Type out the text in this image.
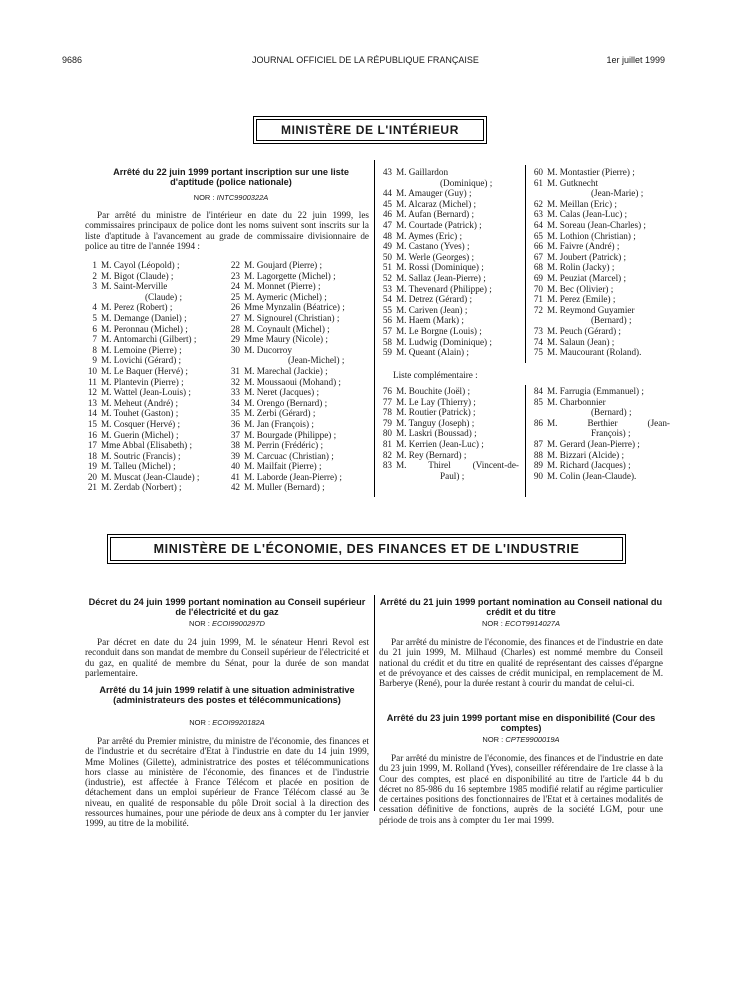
9686	JOURNAL OFFICIEL DE LA RÉPUBLIQUE FRANÇAISE	1er juillet 1999
MINISTÈRE DE L'INTÉRIEUR
Arrêté du 22 juin 1999 portant inscription sur une liste d'aptitude (police nationale)
NOR : INTC9900322A

Par arrêté du ministre de l'intérieur en date du 22 juin 1999, les commissaires principaux de police dont les noms suivent sont inscrits sur la liste d'aptitude à l'avancement au grade de commissaire divisionnaire de police au titre de l'année 1994 :

1 M. Cayol (Léopold) ;
2 M. Bigot (Claude) ;
3 M. Saint-Merville
(Claude) ;
4 M. Perez (Robert) ;
5 M. Demange (Daniel) ;
6 M. Peronnau (Michel) ;
7 M. Antomarchi (Gilbert) ;
8 M. Lemoine (Pierre) ;
9 M. Lovichi (Gérard) ;
10 M. Le Baquer (Hervé) ;
11 M. Plantevin (Pierre) ;
12 M. Wattel (Jean-Louis) ;
13 M. Meheut (André) ;
14 M. Touhet (Gaston) ;
15 M. Cosquer (Hervé) ;
16 M. Guerin (Michel) ;
17 Mme Abbal (Elisabeth) ;
18 M. Soutric (Francis) ;
19 M. Talleu (Michel) ;
20 M. Muscat (Jean-Claude) ;
21 M. Zerdab (Norbert) ;
22 M. Goujard (Pierre) ;
23 M. Lagorgette (Michel) ;
24 M. Monnet (Pierre) ;
25 M. Aymeric (Michel) ;
26 Mme Mynzalin (Béatrice) ;
27 M. Signourel (Christian) ;
28 M. Coynault (Michel) ;
29 Mme Maury (Nicole) ;
30 M. Ducorroy
(Jean-Michel) ;
31 M. Marechal (Jackie) ;
32 M. Moussaoui (Mohand) ;
33 M. Neret (Jacques) ;
34 M. Orengo (Bernard) ;
35 M. Zerbi (Gérard) ;
36 M. Jan (François) ;
37 M. Bourgade (Philippe) ;
38 M. Perrin (Frédéric) ;
39 M. Carcuac (Christian) ;
40 M. Mailfait (Pierre) ;
41 M. Laborde (Jean-Pierre) ;
42 M. Muller (Bernard) ;
43 M. Gaillardon
(Dominique) ;
44 M. Amauger (Guy) ;
45 M. Alcaraz (Michel) ;
46 M. Aufan (Bernard) ;
47 M. Courtade (Patrick) ;
48 M. Aymes (Eric) ;
49 M. Castano (Yves) ;
50 M. Werle (Georges) ;
51 M. Rossi (Dominique) ;
52 M. Sallaz (Jean-Pierre) ;
53 M. Thevenard (Philippe) ;
54 M. Detrez (Gérard) ;
55 M. Cariven (Jean) ;
56 M. Haem (Mark) ;
57 M. Le Borgne (Louis) ;
58 M. Ludwig (Dominique) ;
59 M. Queant (Alain) ;
60 M. Montastier (Pierre) ;
61 M. Gutknecht
(Jean-Marie) ;
62 M. Meillan (Eric) ;
63 M. Calas (Jean-Luc) ;
64 M. Soreau (Jean-Charles) ;
65 M. Lothion (Christian) ;
66 M. Faivre (André) ;
67 M. Joubert (Patrick) ;
68 M. Rolin (Jacky) ;
69 M. Peuziat (Marcel) ;
70 M. Bec (Olivier) ;
71 M. Perez (Emile) ;
72 M. Reymond Guyamier
(Bernard) ;
73 M. Peuch (Gérard) ;
74 M. Salaun (Jean) ;
75 M. Maucourant (Roland).
Liste complémentaire :
76 M. Bouchite (Joël) ;
77 M. Le Lay (Thierry) ;
78 M. Routier (Patrick) ;
79 M. Tanguy (Joseph) ;
80 M. Laskri (Boussad) ;
81 M. Kerrien (Jean-Luc) ;
82 M. Rey (Bernard) ;
83 M. Thirel (Vincent-de-
Paul) ;
84 M. Farrugia (Emmanuel) ;
85 M. Charbonnier
(Bernard) ;
86 M. Berthier (Jean-
François) ;
87 M. Gerard (Jean-Pierre) ;
88 M. Bizzari (Alcide) ;
89 M. Richard (Jacques) ;
90 M. Colin (Jean-Claude).
MINISTÈRE DE L'ÉCONOMIE, DES FINANCES ET DE L'INDUSTRIE
Décret du 24 juin 1999 portant nomination au Conseil supérieur de l'électricité et du gaz
NOR : ECOI9900297D

Par décret en date du 24 juin 1999, M. le sénateur Henri Revol est reconduit dans son mandat de membre du Conseil supérieur de l'électricité et du gaz, en qualité de membre du Sénat, pour la durée de son mandat parlementaire.

Arrêté du 14 juin 1999 relatif à une situation administrative (administrateurs des postes et télécommunications)
NOR : ECOI9920182A

Par arrêté du Premier ministre, du ministre de l'économie, des finances et de l'industrie et du secrétaire d'Etat à l'industrie en date du 14 juin 1999, Mme Molines (Gilette), administratrice des postes et télécommunications hors classe au ministère de l'économie, des finances et de l'industrie (industrie), est affectée à France Télécom et placée en position de détachement dans un emploi supérieur de France Télécom classé au 3e niveau, en qualité de responsable du pôle Droit social à la direction des ressources humaines, pour une période de deux ans à compter du 1er janvier 1999, au titre de la mobilité.

Arrêté du 21 juin 1999 portant nomination au Conseil national du crédit et du titre
NOR : ECOT9914027A

Par arrêté du ministre de l'économie, des finances et de l'industrie en date du 21 juin 1999, M. Milhaud (Charles) est nommé membre du Conseil national du crédit et du titre en qualité de représentant des caisses d'épargne et de prévoyance et des caisses de crédit municipal, en remplacement de M. Barberye (René), pour la durée restant à courir du mandat de celui-ci.

Arrêté du 23 juin 1999 portant mise en disponibilité (Cour des comptes)
NOR : CPTE9900019A

Par arrêté du ministre de l'économie, des finances et de l'industrie en date du 23 juin 1999, M. Rolland (Yves), conseiller référendaire de 1re classe à la Cour des comptes, est placé en disponibilité au titre de l'article 44 b du décret no 85-986 du 16 septembre 1985 modifié relatif au régime particulier de certaines positions des fonctionnaires de l'Etat et à certaines modalités de cessation définitive de fonctions, auprès de la société LGM, pour une période de trois ans à compter du 1er mai 1999.
